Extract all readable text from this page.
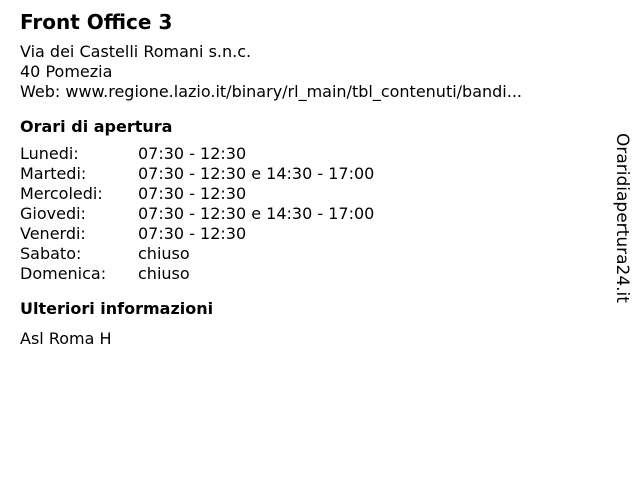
Front Office 3
Via dei Castelli Romani s.n.c.
40 Pomezia
Web: www.regione.lazio.it/binary/rl_main/tbl_contenuti/bandi...
Orari di apertura
Lunedi:	07:30 - 12:30
Martedi:	07:30 - 12:30 e 14:30 - 17:00
Mercoledi:	07:30 - 12:30
Giovedi:	07:30 - 12:30 e 14:30 - 17:00
Venerdi:	07:30 - 12:30
Sabato:	chiuso
Domenica:	chiuso
Ulteriori informazioni
Asl Roma H
Oraridiapertura24.it
